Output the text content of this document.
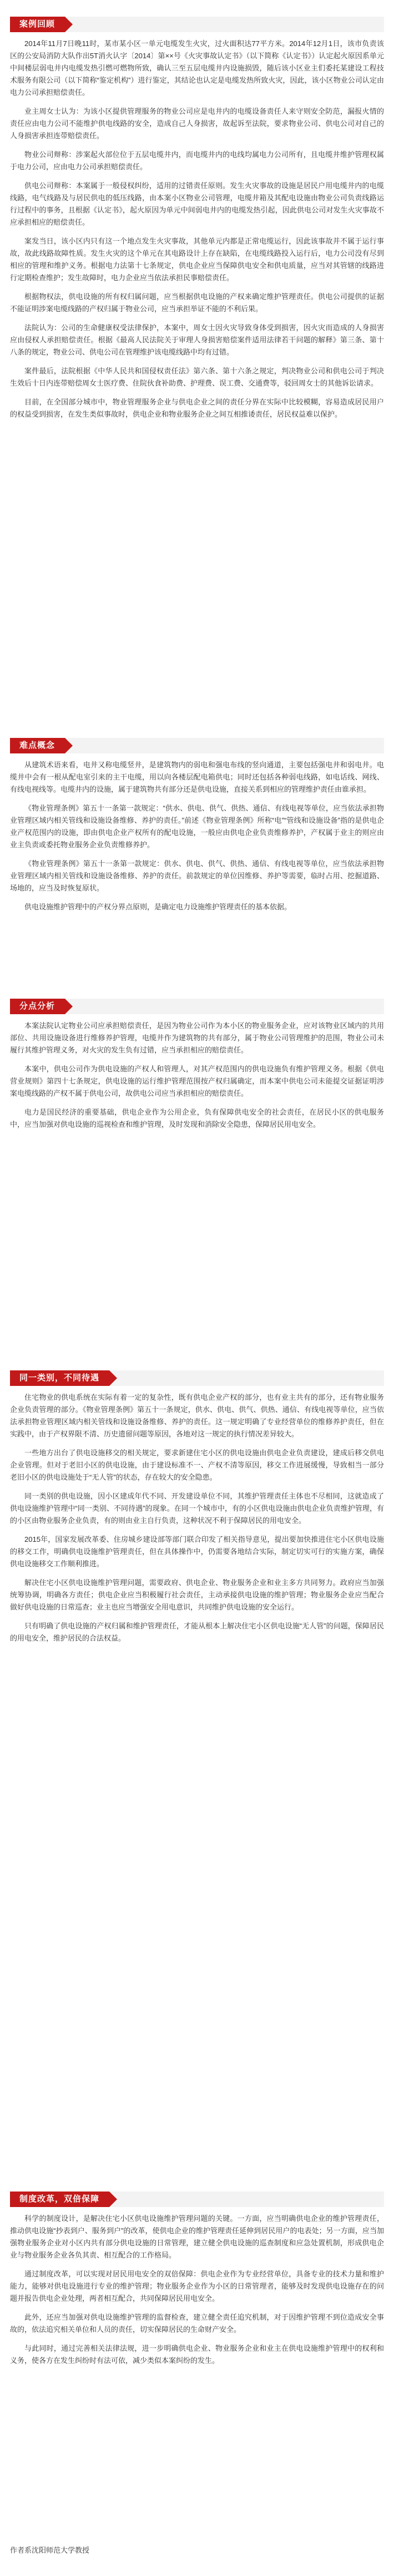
案例回顾

2014年11月7日晚11时，某市某小区一单元电缆发生火灾，过火面积达77平方米。2014年12月1日，该市负责该区的公安局消防大队作出5T消火认字〔2014〕第××号《火灾事故认定书》（以下简称《认定书》）认定起火原因系单元中间楼层弱电井内电缆发热引燃可燃物所致，确认三至五层电缆井内设施损毁，随后该小区业主们委托某建设工程技术服务有限公司（以下简称“鉴定机构”）进行鉴定，其结论也认定是电缆发热所致火灾，因此，该小区物业公司认定由电力公司承担赔偿责任。

业主周女士认为：为该小区提供管理服务的物业公司应是电井内的电缆设备责任人来守则安全防范，漏报火情的责任应由电力公司不能维护供电线路的安全，造成自己人身损害，故起诉至法院，要求物业公司、供电公司对自己的人身损害承担连带赔偿责任。

物业公司辩称：涉案起火部位位于五层电缆井内，而电缆井内的电线均属电力公司所有，且电缆井维护管理权属于电力公司，应由电力公司承担赔偿责任。

供电公司辩称：本案属于一般侵权纠纷，适用的过错责任原则。发生火灾事故的设施是居民户用电缆井内的电缆线路，电气线路及与居民供电的低压线路，由本案小区物业公司管理，电缆井箱及其配电设施由物业公司负责线路运行过程中的事务，且根据《认定书》，起火原因为单元中间弱电井内的电缆发热引起，因此供电公司对发生火灾事故不应承担相应的赔偿责任。

案发当日，该小区内只有这一个地点发生火灾事故，其他单元内都是正常电缆运行，因此该事故并不属于运行事故，故此线路故障性质。发生火灾的这个单元在其电路设计上存在缺陷，在电缆线路投入运行后，电力公司没有尽到相应的管理和维护义务。根据电力法第十七条规定，供电企业应当保障供电安全和供电质量，应当对其管辖的线路进行定期检查维护；发生故障时，电力企业应当依法承担民事赔偿责任。

根据物权法，供电设施的所有权归属问题，应当根据供电设施的产权来确定维护管理责任。供电公司提供的证据不能证明涉案电缆线路的产权归属于物业公司，应当承担举证不能的不利后果。

法院认为：公司的生命健康权受法律保护，本案中，周女士因火灾导致身体受到损害，因火灾而造成的人身损害应由侵权人承担赔偿责任。根据《最高人民法院关于审理人身损害赔偿案件适用法律若干问题的解释》第三条、第十八条的规定，物业公司、供电公司在管理维护该电缆线路中均有过错。

案件最后，法院根据《中华人民共和国侵权责任法》第六条、第十六条之规定，判决物业公司和供电公司于判决生效后十日内连带赔偿周女士医疗费、住院伙食补助费、护理费、误工费、交通费等，驳回周女士的其他诉讼请求。

目前，在全国部分城市中，物业管理服务企业与供电企业之间的责任分界在实际中比较模糊，容易造成居民用户的权益受到损害，在发生类似事故时，供电企业和物业服务企业之间互相推诿责任，居民权益难以保护。

难点概念

从建筑术语来看，电井又称电缆竖井，是建筑物内的弱电和强电布线的竖向通道，主要包括强电井和弱电井。电缆井中会有一根从配电室引来的主干电缆，用以向各楼层配电箱供电；同时还包括各种弱电线路，如电话线、网线、有线电视线等。电缆井内的设施，属于建筑物共有部分还是供电设施，直接关系到相应的管理维护责任由谁承担。

《物业管理条例》第五十一条第一款规定：“供水、供电、供气、供热、通信、有线电视等单位，应当依法承担物业管理区域内相关管线和设施设备维修、养护的责任。”前述《物业管理条例》所称“电”“管线和设施设备”指的是供电企业产权范围内的设施，即由供电企业产权所有的配电设施，一般应由供电企业负责维修养护，产权属于业主的则应由业主负责或委托物业服务企业负责维修养护。

《物业管理条例》第五十一条第一款规定：供水、供电、供气、供热、通信、有线电视等单位，应当依法承担物业管理区域内相关管线和设施设备维修、养护的责任。前款规定的单位因维修、养护等需要，临时占用、挖掘道路、场地的，应当及时恢复原状。

供电设施维护管理中的产权分界点原则，是确定电力设施维护管理责任的基本依据。

分点分析

本案法院认定物业公司应承担赔偿责任，是因为物业公司作为本小区的物业服务企业，应对该物业区域内的共用部位、共用设施设备进行维修养护管理，电缆井作为建筑物的共有部分，属于物业公司管理维护的范围，物业公司未履行其维护管理义务，对火灾的发生负有过错，应当承担相应的赔偿责任。

本案中，供电公司作为供电设施的产权人和管理人，对其产权范围内的供电设施负有维护管理义务。根据《供电营业规则》第四十七条规定，供电设施的运行维护管理范围按产权归属确定，而本案中供电公司未能提交证据证明涉案电缆线路的产权不属于供电公司，故供电公司应当承担相应的赔偿责任。

电力是国民经济的重要基础，供电企业作为公用企业，负有保障供电安全的社会责任，在居民小区的供电服务中，应当加强对供电设施的巡视检查和维护管理，及时发现和消除安全隐患，保障居民用电安全。

同一类别，不同待遇

住宅物业的供电系统在实际有着一定的复杂性，既有供电企业产权的部分，也有业主共有的部分，还有物业服务企业负责管理的部分。《物业管理条例》第五十一条规定，供水、供电、供气、供热、通信、有线电视等单位，应当依法承担物业管理区域内相关管线和设施设备维修、养护的责任。这一规定明确了专业经营单位的维修养护责任，但在实践中，由于产权界限不清、历史遗留问题等原因，各地对这一规定的执行情况差异较大。

一些地方出台了供电设施移交的相关规定，要求新建住宅小区的供电设施由供电企业负责建设，建成后移交供电企业管理。但对于老旧小区的供电设施，由于建设标准不一、产权不清等原因，移交工作进展缓慢，导致相当一部分老旧小区的供电设施处于“无人管”的状态，存在较大的安全隐患。

同一类别的供电设施，因小区建成年代不同、开发建设单位不同，其维护管理责任主体也不尽相同，这就造成了供电设施维护管理中“同一类别、不同待遇”的现象。在同一个城市中，有的小区供电设施由供电企业负责维护管理，有的小区由物业服务企业负责，有的则由业主自行负责，这种状况不利于保障居民的用电安全。

2015年，国家发展改革委、住房城乡建设部等部门联合印发了相关指导意见，提出要加快推进住宅小区供电设施的移交工作，明确供电设施维护管理责任，但在具体操作中，仍需要各地结合实际，制定切实可行的实施方案，确保供电设施移交工作顺利推进。

解决住宅小区供电设施维护管理问题，需要政府、供电企业、物业服务企业和业主多方共同努力。政府应当加强统筹协调，明确各方责任；供电企业应当积极履行社会责任，主动承接供电设施的维护管理；物业服务企业应当配合做好供电设施的日常巡查；业主也应当增强安全用电意识，共同维护供电设施的安全运行。

只有明确了供电设施的产权归属和维护管理责任，才能从根本上解决住宅小区供电设施“无人管”的问题，保障居民的用电安全，维护居民的合法权益。

制度改革，双倍保障

科学的制度设计，是解决住宅小区供电设施维护管理问题的关键。一方面，应当明确供电企业的维护管理责任，推动供电设施“抄表到户、服务到户”的改革，使供电企业的维护管理责任延伸到居民用户的电表处；另一方面，应当加强物业服务企业对小区内共有部分供电设施的日常管理，建立健全供电设施的巡查制度和应急处置机制，形成供电企业与物业服务企业各负其责、相互配合的工作格局。

通过制度改革，可以实现对居民用电安全的双倍保障：供电企业作为专业经营单位，具备专业的技术力量和维护能力，能够对供电设施进行专业的维护管理；物业服务企业作为小区的日常管理者，能够及时发现供电设施存在的问题并报告供电企业处理，两者相互配合，共同保障居民用电安全。

此外，还应当加强对供电设施维护管理的监督检查，建立健全责任追究机制，对于因维护管理不到位造成安全事故的，依法追究相关单位和人员的责任，切实保障居民的生命财产安全。

与此同时，通过完善相关法律法规，进一步明确供电企业、物业服务企业和业主在供电设施维护管理中的权利和义务，使各方在发生纠纷时有法可依，减少类似本案纠纷的发生。

作者系沈阳师范大学教授
